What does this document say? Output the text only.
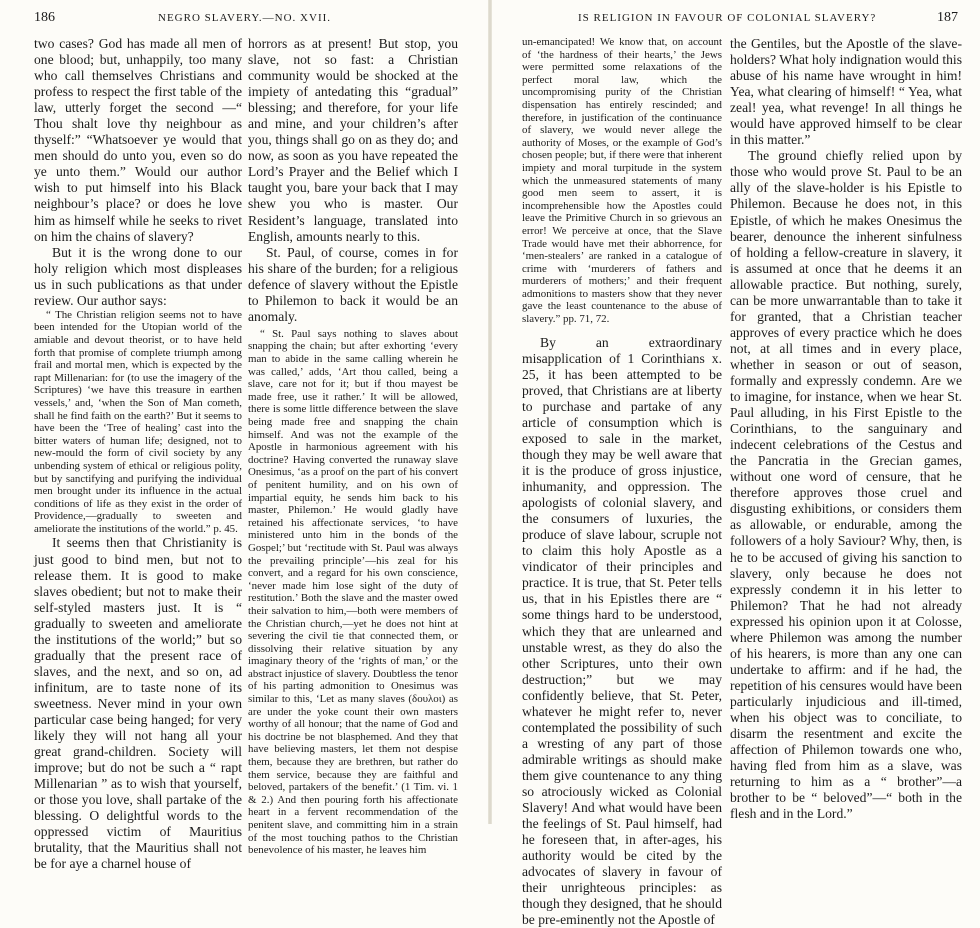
186	NEGRO SLAVERY.—NO. XVII.

two cases? God has made all men of one blood; but, unhappily, too many who call themselves Christians and profess to respect the first table of the law, utterly forget the second —“ Thou shalt love thy neighbour as thyself:” “Whatsoever ye would that men should do unto you, even so do ye unto them.” Would our author wish to put himself into his Black neighbour’s place? or does he love him as himself while he seeks to rivet on him the chains of slavery?

But it is the wrong done to our holy religion which most displeases us in such publications as that under review. Our author says:

“ The Christian religion seems not to have been intended for the Utopian world of the amiable and devout theorist, or to have held forth that promise of complete triumph among frail and mortal men, which is expected by the rapt Millenarian: for (to use the imagery of the Scriptures) ‘we have this treasure in earthen vessels,’ and, ‘when the Son of Man cometh, shall he find faith on the earth?’ But it seems to have been the ‘Tree of healing’ cast into the bitter waters of human life; designed, not to new-mould the form of civil society by any unbending system of ethical or religious polity, but by sanctifying and purifying the individual men brought under its influence in the actual conditions of life as they exist in the order of Providence,—gradually to sweeten and ameliorate the institutions of the world.” p. 45.

It seems then that Christianity is just good to bind men, but not to release them. It is good to make slaves obedient; but not to make their self-styled masters just. It is “ gradually to sweeten and ameliorate the institutions of the world;” but so gradually that the present race of slaves, and the next, and so on, ad infinitum, are to taste none of its sweetness. Never mind in your own particular case being hanged; for very likely they will not hang all your great grand-children. Society will improve; but do not be such a “ rapt Millenarian ” as to wish that yourself, or those you love, shall partake of the blessing. O delightful words to the oppressed victim of Mauritius brutality, that the Mauritius shall not be for aye a charnel house of

horrors as at present! But stop, you slave, not so fast: a Christian community would be shocked at the impiety of antedating this “gradual” blessing; and therefore, for your life and mine, and your children’s after you, things shall go on as they do; and now, as soon as you have repeated the Lord’s Prayer and the Belief which I taught you, bare your back that I may shew you who is master. Our Resident’s language, translated into English, amounts nearly to this.

St. Paul, of course, comes in for his share of the burden; for a religious defence of slavery without the Epistle to Philemon to back it would be an anomaly.

“ St. Paul says nothing to slaves about snapping the chain; but after exhorting ‘every man to abide in the same calling wherein he was called,’ adds, ‘Art thou called, being a slave, care not for it; but if thou mayest be made free, use it rather.’ It will be allowed, there is some little difference between the slave being made free and snapping the chain himself. And was not the example of the Apostle in harmonious agreement with his doctrine? Having converted the runaway slave Onesimus, ‘as a proof on the part of his convert of penitent humility, and on his own of impartial equity, he sends him back to his master, Philemon.’ He would gladly have retained his affectionate services, ‘to have ministered unto him in the bonds of the Gospel;’ but ‘rectitude with St. Paul was always the prevailing principle’—his zeal for his convert, and a regard for his own conscience, ‘never made him lose sight of the duty of restitution.’ Both the slave and the master owed their salvation to him,—both were members of the Christian church,—yet he does not hint at severing the civil tie that connected them, or dissolving their relative situation by any imaginary theory of the ‘rights of man,’ or the abstract injustice of slavery. Doubtless the tenor of his parting admonition to Onesimus was similar to this, ‘Let as many slaves (δουλοι) as are under the yoke count their own masters worthy of all honour; that the name of God and his doctrine be not blasphemed. And they that have believing masters, let them not despise them, because they are brethren, but rather do them service, because they are faithful and beloved, partakers of the benefit.’ (1 Tim. vi. 1 & 2.) And then pouring forth his affectionate heart in a fervent recommendation of the penitent slave, and committing him in a strain of the most touching pathos to the Christian benevolence of his master, he leaves him

IS RELIGION IN FAVOUR OF COLONIAL SLAVERY?	187

un-emancipated! We know that, on account of ‘the hardness of their hearts,’ the Jews were permitted some relaxations of the perfect moral law, which the uncompromising purity of the Christian dispensation has entirely rescinded; and therefore, in justification of the continuance of slavery, we would never allege the authority of Moses, or the example of God’s chosen people; but, if there were that inherent impiety and moral turpitude in the system which the unmeasured statements of many good men seem to assert, it is incomprehensible how the Apostles could leave the Primitive Church in so grievous an error! We perceive at once, that the Slave Trade would have met their abhorrence, for ‘men-stealers’ are ranked in a catalogue of crime with ‘murderers of fathers and murderers of mothers;’ and their frequent admonitions to masters show that they never gave the least countenance to the abuse of slavery.” pp. 71, 72.

By an extraordinary misapplication of 1 Corinthians x. 25, it has been attempted to be proved, that Christians are at liberty to purchase and partake of any article of consumption which is exposed to sale in the market, though they may be well aware that it is the produce of gross injustice, inhumanity, and oppression. The apologists of colonial slavery, and the consumers of luxuries, the produce of slave labour, scruple not to claim this holy Apostle as a vindicator of their principles and practice. It is true, that St. Peter tells us, that in his Epistles there are “ some things hard to be understood, which they that are unlearned and unstable wrest, as they do also the other Scriptures, unto their own destruction;” but we may confidently believe, that St. Peter, whatever he might refer to, never contemplated the possibility of such a wresting of any part of those admirable writings as should make them give countenance to any thing so atrociously wicked as Colonial Slavery! And what would have been the feelings of St. Paul himself, had he foreseen that, in after-ages, his authority would be cited by the advocates of slavery in favour of their unrighteous principles: as though they designed, that he should be pre-eminently not the Apostle of

the Gentiles, but the Apostle of the slave-holders? What holy indignation would this abuse of his name have wrought in him! Yea, what clearing of himself! “ Yea, what zeal! yea, what revenge! In all things he would have approved himself to be clear in this matter.”

The ground chiefly relied upon by those who would prove St. Paul to be an ally of the slave-holder is his Epistle to Philemon. Because he does not, in this Epistle, of which he makes Onesimus the bearer, denounce the inherent sinfulness of holding a fellow-creature in slavery, it is assumed at once that he deems it an allowable practice. But nothing, surely, can be more unwarrantable than to take it for granted, that a Christian teacher approves of every practice which he does not, at all times and in every place, whether in season or out of season, formally and expressly condemn. Are we to imagine, for instance, when we hear St. Paul alluding, in his First Epistle to the Corinthians, to the sanguinary and indecent celebrations of the Cestus and the Pancratia in the Grecian games, without one word of censure, that he therefore approves those cruel and disgusting exhibitions, or considers them as allowable, or endurable, among the followers of a holy Saviour? Why, then, is he to be accused of giving his sanction to slavery, only because he does not expressly condemn it in his letter to Philemon? That he had not already expressed his opinion upon it at Colosse, where Philemon was among the number of his hearers, is more than any one can undertake to affirm: and if he had, the repetition of his censures would have been particularly injudicious and ill-timed, when his object was to conciliate, to disarm the resentment and excite the affection of Philemon towards one who, having fled from him as a slave, was returning to him as a “ brother”—a brother to be “ beloved”—“ both in the flesh and in the Lord.”
